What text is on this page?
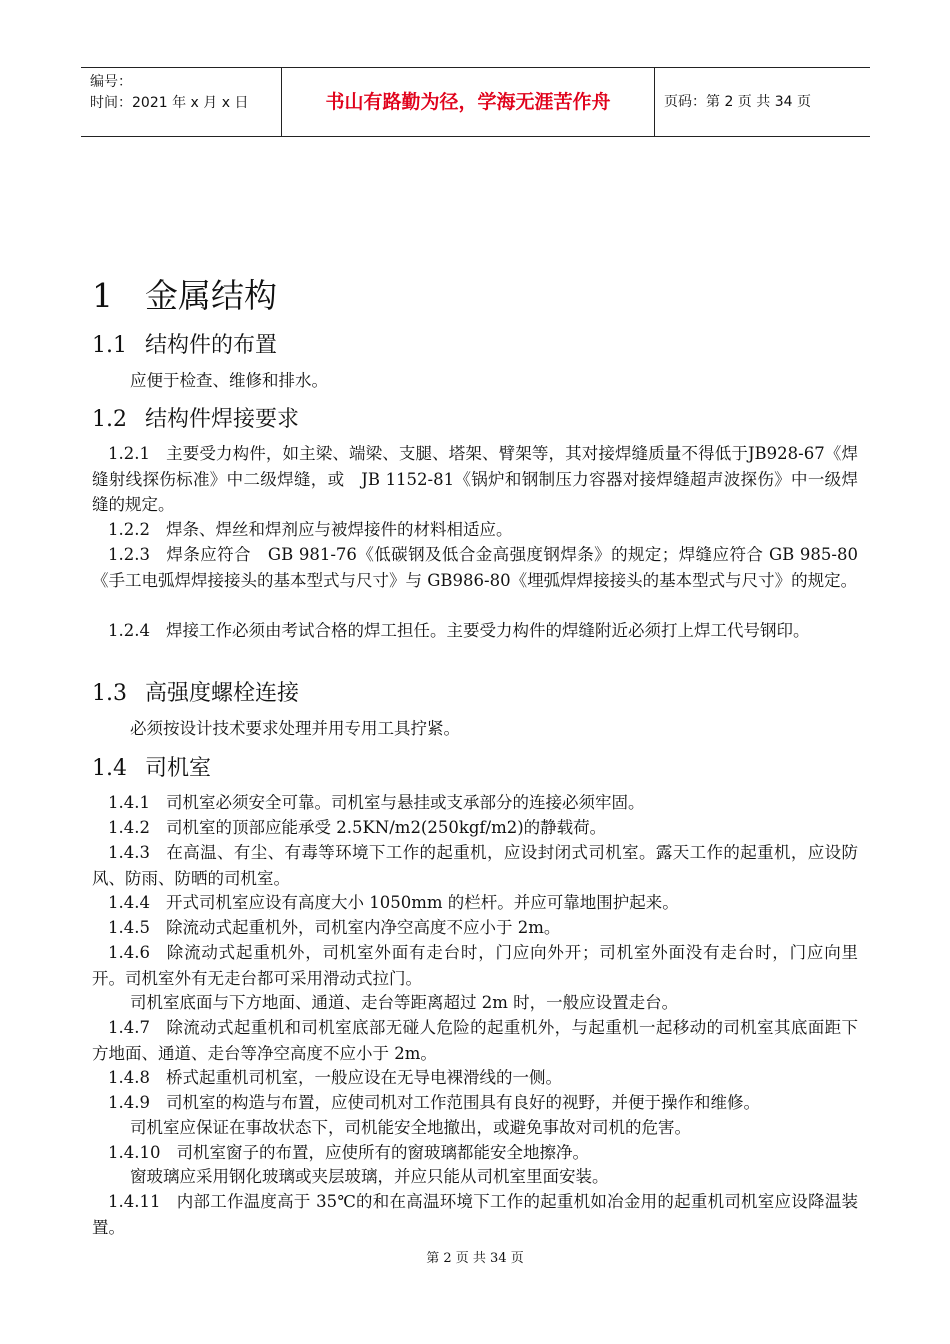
编号：
时间：2021 年 x 月 x 日	书山有路勤为径，学海无涯苦作舟	页码：第 2 页 共 34 页
1 金属结构
1.1 结构件的布置
应便于检查、维修和排水。
1.2 结构件焊接要求
1.2.1 主要受力构件，如主梁、端梁、支腿、塔架、臂架等，其对接焊缝质量不得低于JB928-67《焊缝射线探伤标准》中二级焊缝，或　JB 1152-81《锅炉和钢制压力容器对接焊缝超声波探伤》中一级焊缝的规定。
1.2.2 焊条、焊丝和焊剂应与被焊接件的材料相适应。
1.2.3 焊条应符合　GB 981-76《低碳钢及低合金高强度钢焊条》的规定；焊缝应符合 GB 985-80《手工电弧焊焊接接头的基本型式与尺寸》与 GB986-80《埋弧焊焊接接头的基本型式与尺寸》的规定。
1.2.4 焊接工作必须由考试合格的焊工担任。主要受力构件的焊缝附近必须打上焊工代号钢印。
1.3 高强度螺栓连接
必须按设计技术要求处理并用专用工具拧紧。
1.4 司机室
1.4.1 司机室必须安全可靠。司机室与悬挂或支承部分的连接必须牢固。
1.4.2 司机室的顶部应能承受 2.5KN/m2(250kgf/m2)的静载荷。
1.4.3 在高温、有尘、有毒等环境下工作的起重机，应设封闭式司机室。露天工作的起重机，应设防风、防雨、防晒的司机室。
1.4.4 开式司机室应设有高度大小 1050mm 的栏杆。并应可靠地围护起来。
1.4.5 除流动式起重机外，司机室内净空高度不应小于 2m。
1.4.6 除流动式起重机外，司机室外面有走台时，门应向外开；司机室外面没有走台时，门应向里开。司机室外有无走台都可采用滑动式拉门。
司机室底面与下方地面、通道、走台等距离超过 2m 时，一般应设置走台。
1.4.7 除流动式起重机和司机室底部无碰人危险的起重机外，与起重机一起移动的司机室其底面距下方地面、通道、走台等净空高度不应小于 2m。
1.4.8 桥式起重机司机室，一般应设在无导电裸滑线的一侧。
1.4.9 司机室的构造与布置，应使司机对工作范围具有良好的视野，并便于操作和维修。
司机室应保证在事故状态下，司机能安全地撤出，或避免事故对司机的危害。
1.4.10 司机室窗子的布置，应使所有的窗玻璃都能安全地擦净。
窗玻璃应采用钢化玻璃或夹层玻璃，并应只能从司机室里面安装。
1.4.11 内部工作温度高于 35℃的和在高温环境下工作的起重机如冶金用的起重机司机室应设降温装置。
第 2 页 共 34 页
